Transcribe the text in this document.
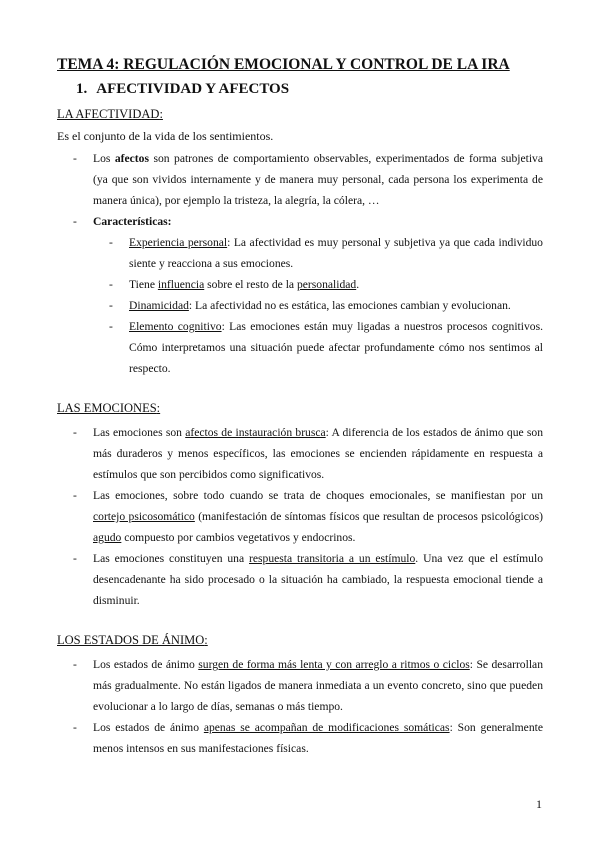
TEMA 4: REGULACIÓN EMOCIONAL Y CONTROL DE LA IRA
1. AFECTIVIDAD Y AFECTOS
LA AFECTIVIDAD:
Es el conjunto de la vida de los sentimientos.
- Los afectos son patrones de comportamiento observables, experimentados de forma subjetiva (ya que son vividos internamente y de manera muy personal, cada persona los experimenta de manera única), por ejemplo la tristeza, la alegría, la cólera, …
- Características:
- Experiencia personal: La afectividad es muy personal y subjetiva ya que cada individuo siente y reacciona a sus emociones.
- Tiene influencia sobre el resto de la personalidad.
- Dinamicidad: La afectividad no es estática, las emociones cambian y evolucionan.
- Elemento cognitivo: Las emociones están muy ligadas a nuestros procesos cognitivos. Cómo interpretamos una situación puede afectar profundamente cómo nos sentimos al respecto.
LAS EMOCIONES:
- Las emociones son afectos de instauración brusca: A diferencia de los estados de ánimo que son más duraderos y menos específicos, las emociones se encienden rápidamente en respuesta a estímulos que son percibidos como significativos.
- Las emociones, sobre todo cuando se trata de choques emocionales, se manifiestan por un cortejo psicosomático (manifestación de síntomas físicos que resultan de procesos psicológicos) agudo compuesto por cambios vegetativos y endocrinos.
- Las emociones constituyen una respuesta transitoria a un estímulo. Una vez que el estímulo desencadenante ha sido procesado o la situación ha cambiado, la respuesta emocional tiende a disminuir.
LOS ESTADOS DE ÁNIMO:
- Los estados de ánimo surgen de forma más lenta y con arreglo a ritmos o ciclos: Se desarrollan más gradualmente. No están ligados de manera inmediata a un evento concreto, sino que pueden evolucionar a lo largo de días, semanas o más tiempo.
- Los estados de ánimo apenas se acompañan de modificaciones somáticas: Son generalmente menos intensos en sus manifestaciones físicas.
1
